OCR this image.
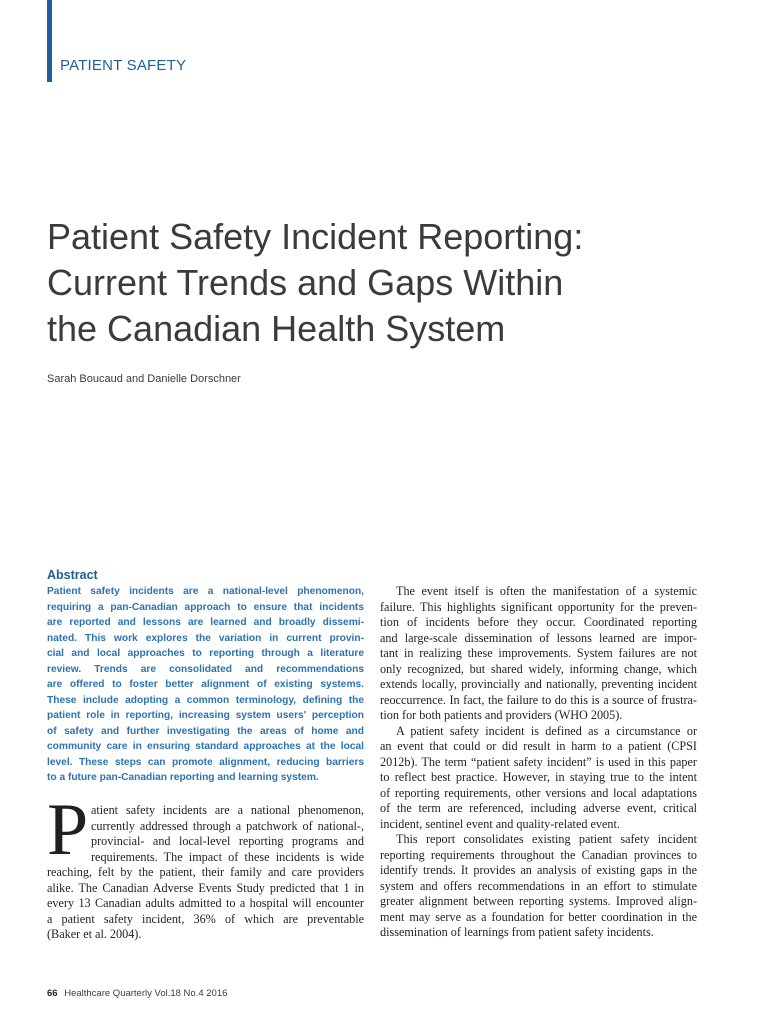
PATIENT SAFETY
Patient Safety Incident Reporting:
Current Trends and Gaps Within
the Canadian Health System
Sarah Boucaud and Danielle Dorschner
Abstract
Patient safety incidents are a national-level phenomenon,
requiring a pan-Canadian approach to ensure that incidents
are reported and lessons are learned and broadly dissemi-
nated. This work explores the variation in current provin-
cial and local approaches to reporting through a literature
review. Trends are consolidated and recommendations
are offered to foster better alignment of existing systems.
These include adopting a common terminology, defining the
patient role in reporting, increasing system users' perception
of safety and further investigating the areas of home and
community care in ensuring standard approaches at the local
level. These steps can promote alignment, reducing barriers
to a future pan-Canadian reporting and learning system.
P atient safety incidents are a national phenomenon,
currently addressed through a patchwork of national-,
provincial- and local-level reporting programs and
requirements. The impact of these incidents is wide
reaching, felt by the patient, their family and care providers
alike. The Canadian Adverse Events Study predicted that 1 in
every 13 Canadian adults admitted to a hospital will encounter
a patient safety incident, 36% of which are preventable
(Baker et al. 2004).
The event itself is often the manifestation of a systemic
failure. This highlights significant opportunity for the preven-
tion of incidents before they occur. Coordinated reporting
and large-scale dissemination of lessons learned are impor-
tant in realizing these improvements. System failures are not
only recognized, but shared widely, informing change, which
extends locally, provincially and nationally, preventing incident
reoccurrence. In fact, the failure to do this is a source of frustra-
tion for both patients and providers (WHO 2005).
A patient safety incident is defined as a circumstance or
an event that could or did result in harm to a patient (CPSI
2012b). The term “patient safety incident” is used in this paper
to reflect best practice. However, in staying true to the intent
of reporting requirements, other versions and local adaptations
of the term are referenced, including adverse event, critical
incident, sentinel event and quality-related event.
This report consolidates existing patient safety incident
reporting requirements throughout the Canadian provinces to
identify trends. It provides an analysis of existing gaps in the
system and offers recommendations in an effort to stimulate
greater alignment between reporting systems. Improved align-
ment may serve as a foundation for better coordination in the
dissemination of learnings from patient safety incidents.
66 Healthcare Quarterly Vol.18 No.4 2016
